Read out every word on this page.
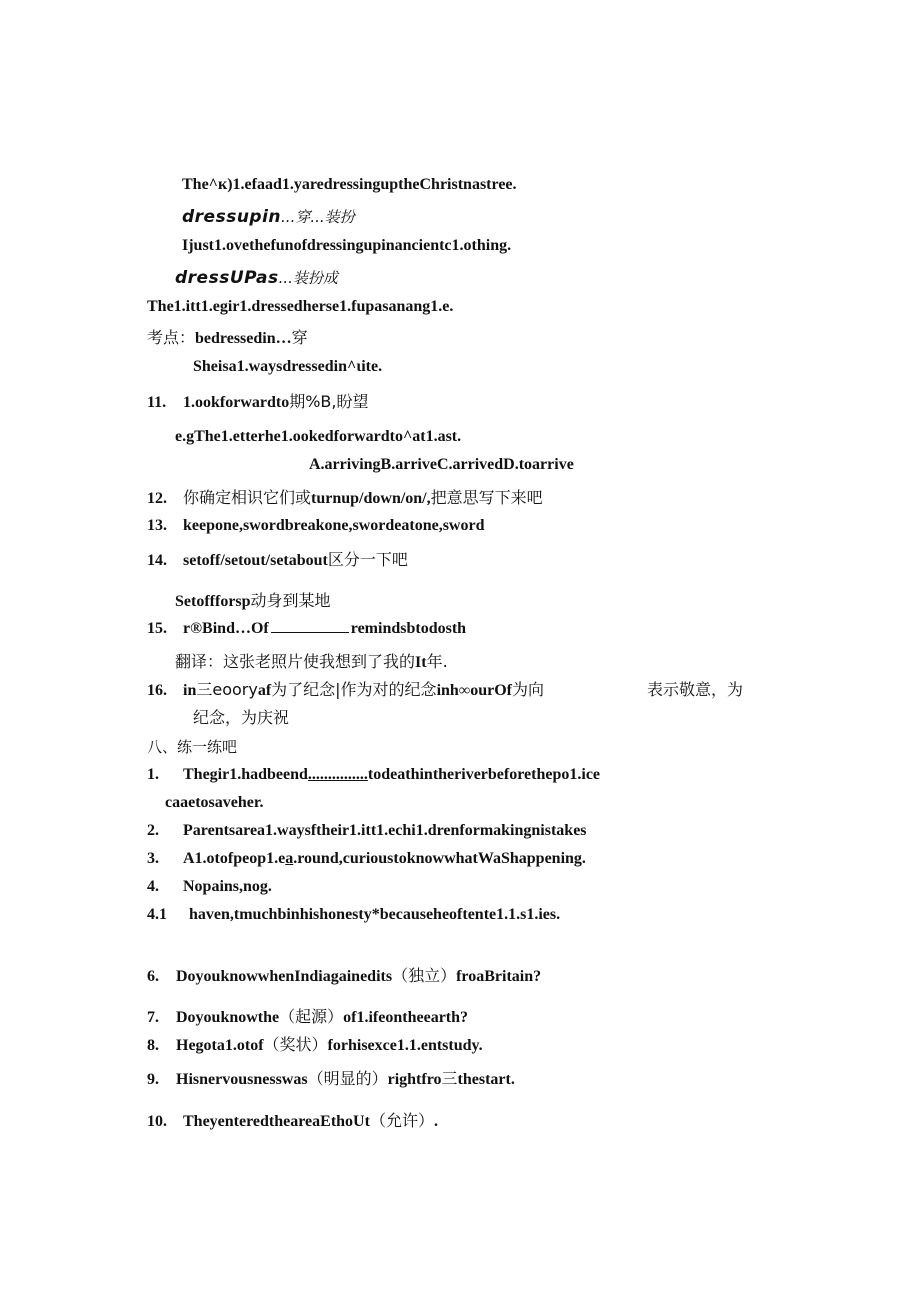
The^к)1.efaad1.yaredressingupthеChristnastree.
dressupin...穿...装扮
Ijust1.ovethefunofdressingupinancientc1.othing.
dressUPas...装扮成
The1.itt1.egir1.dressedherse1.fupasanang1.e.
考点：bedressedin…穿
Sheisa1.waysdressedin^ιite.
11. 1.ookforwardto期%B,盼望
e.gThe1.etterhe1.ookedforwardto^at1.ast.
A.arrivingB.arriveC.arrivedD.toarrive
12. 你确定相识它们或turnup/down/on/,把意思写下来吧
13. keepone,swordbreakone,swordeatone,sword
14. setoff/setout/setabout区分一下吧
Setoffforsp动身到某地
15. r®Bind…Of	remindsbtodosth
翻译：这张老照片使我想到了我的It年.
16. in三eooryaf为了纪念|作为对的纪念inh∞ourOf为向	表示敬意，为
纪念，为庆祝
八、练一练吧
1. Thegir1.hadbeend...............todeathintheriverbeforethepo1.ice
caaetosaveher.
2. Parentsarea1.waysftheir1.itt1.echi1.drenformakingnistakes
3. A1.otofpeop1.ea.round,curioustoknowwhatWaShappening.
4. Nopains,nog.
4.1 haven,tmuchbinhishonesty*becauseheoftente1.1.s1.ies.
6. DoyouknowwhenIndiagainedits（独立）froaBritain?
7. Doyouknowthe（起源）of1.ifeontheearth?
8. Hegota1.otof（奖状）forhisexce1.1.entstudy.
9. Hisnervousnesswas（明显的）rightfro三thestart.
10. TheyenteredtheareaEthoUt（允许）.
